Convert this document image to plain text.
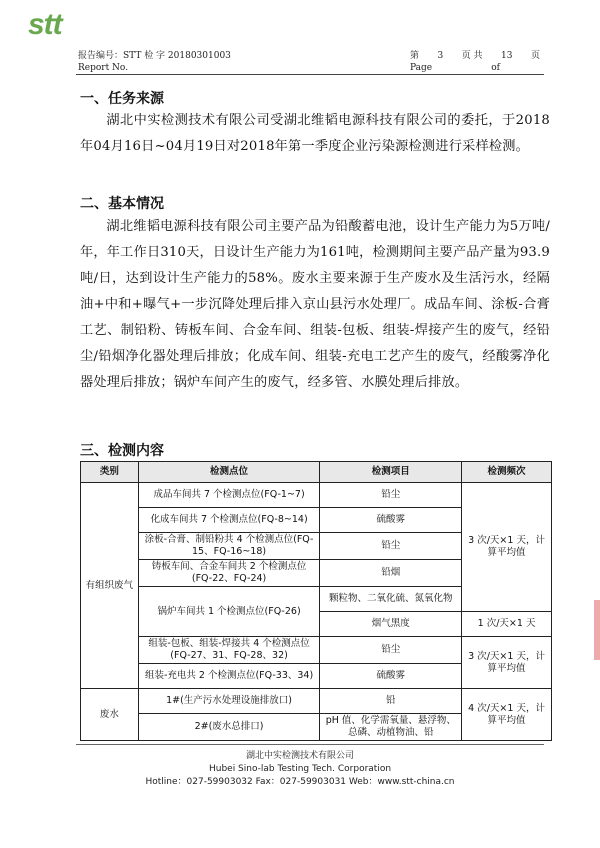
stt
报告编号：STT 检 字 20180301003
Report No.
第 3 页 共 13 页
Page	of
一、任务来源
湖北中实检测技术有限公司受湖北维韬电源科技有限公司的委托，于2018年04月16日~04月19日对2018年第一季度企业污染源检测进行采样检测。
二、基本情况
湖北维韬电源科技有限公司主要产品为铅酸蓄电池，设计生产能力为5万吨/年，年工作日310天，日设计生产能力为161吨，检测期间主要产品产量为93.9吨/日，达到设计生产能力的58%。废水主要来源于生产废水及生活污水，经隔油+中和+曝气+一步沉降处理后排入京山县污水处理厂。成品车间、涂板-合膏工艺、制铅粉、铸板车间、合金车间、组装-包板、组装-焊接产生的废气，经铅尘/铅烟净化器处理后排放；化成车间、组装-充电工艺产生的废气，经酸雾净化器处理后排放；锅炉车间产生的废气，经多管、水膜处理后排放。
三、检测内容
类别	检测点位	检测项目	检测频次
有组织废气	成品车间共 7 个检测点位(FQ-1~7)	铅尘	3 次/天×1 天，计算平均值
	化成车间共 7 个检测点位(FQ-8~14)	硫酸雾	
	涂板-合膏、制铅粉共 4 个检测点位(FQ-15、FQ-16~18)	铅尘	
	铸板车间、合金车间共 2 个检测点位(FQ-22、FQ-24)	铅烟	
	锅炉车间共 1 个检测点位(FQ-26)	颗粒物、二氧化硫、氮氧化物	
		烟气黑度	1 次/天×1 天
	组装-包板、组装-焊接共 4 个检测点位(FQ-27、31、FQ-28、32)	铅尘	3 次/天×1 天，计算平均值
	组装-充电共 2 个检测点位(FQ-33、34)	硫酸雾	
废水	1#(生产污水处理设施排放口)	铅	4 次/天×1 天，计算平均值
	2#(废水总排口)	pH 值、化学需氧量、悬浮物、总磷、动植物油、铅	
湖北中实检测技术有限公司
Hubei Sino-lab Testing Tech. Corporation
Hotline：027-59903032 Fax：027-59903031 Web：www.stt-china.cn
